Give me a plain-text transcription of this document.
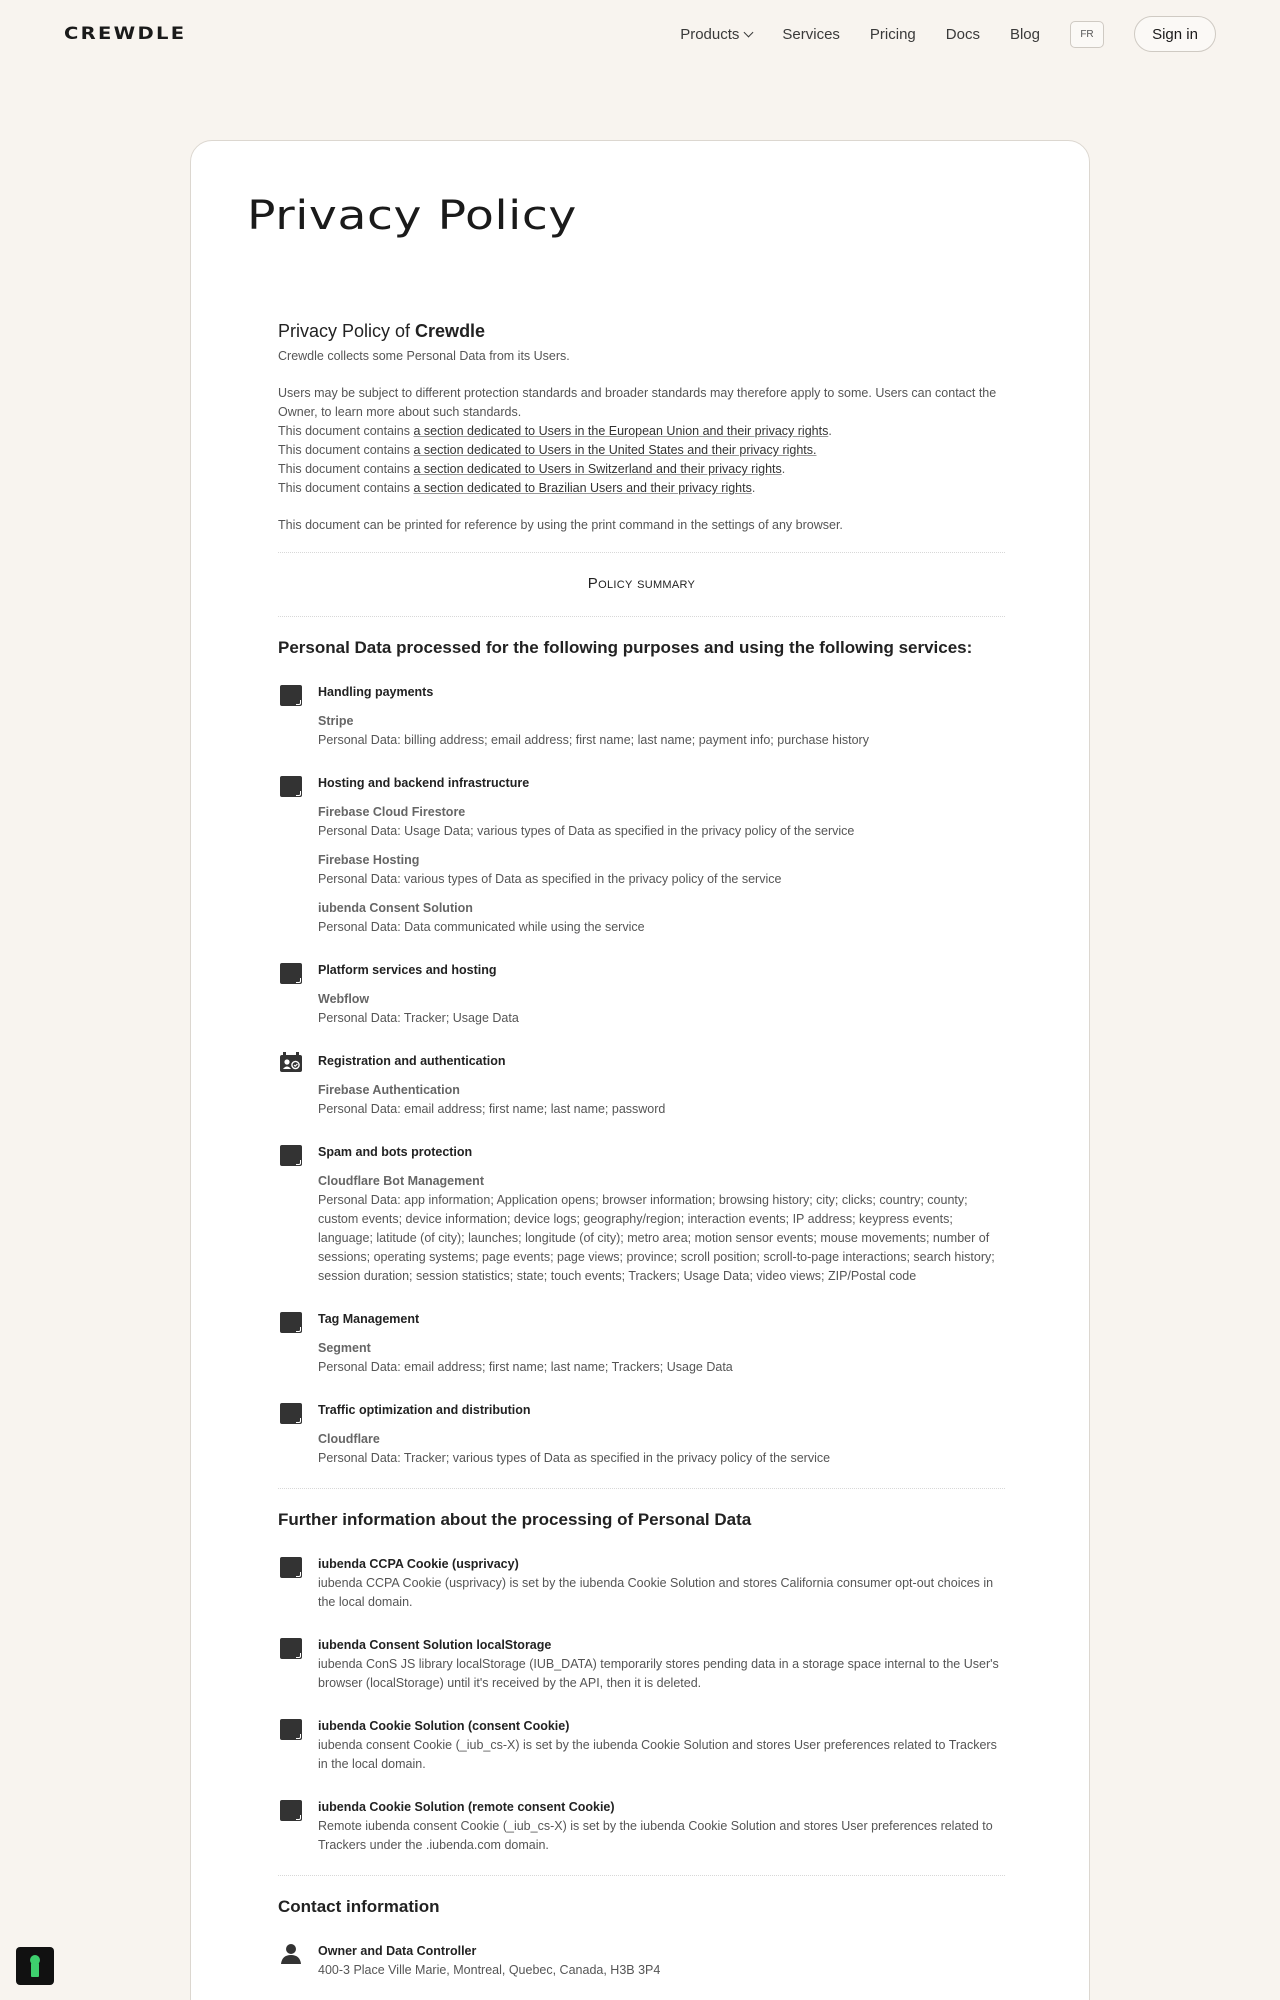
CREWDLE	Products	Services Pricing Docs Blog	FR	Sign in
Privacy Policy
Privacy Policy of Crewdle

Crewdle collects some Personal Data from its Users.

Users may be subject to different protection standards and broader standards may therefore apply to some. Users can contact the Owner, to learn more about such standards.

This document contains a section dedicated to Users in the European Union and their privacy rights.

This document contains a section dedicated to Users in the United States and their privacy rights.

This document contains a section dedicated to Users in Switzerland and their privacy rights.

This document contains a section dedicated to Brazilian Users and their privacy rights.

This document can be printed for reference by using the print command in the settings of any browser.

Policy summary
Personal Data processed for the following purposes and using the following services:
Handling payments
Stripe
Personal Data: billing address; email address; first name; last name; payment info; purchase history
Hosting and backend infrastructure
Firebase Cloud Firestore
Personal Data: Usage Data; various types of Data as specified in the privacy policy of the service
Firebase Hosting
Personal Data: various types of Data as specified in the privacy policy of the service
iubenda Consent Solution
Personal Data: Data communicated while using the service
Platform services and hosting
Webflow
Personal Data: Tracker; Usage Data
Registration and authentication
Firebase Authentication
Personal Data: email address; first name; last name; password
Spam and bots protection
Cloudflare Bot Management
Personal Data: app information; Application opens; browser information; browsing history; city; clicks; country; county; custom events; device information; device logs; geography/region; interaction events; IP address; keypress events; language; latitude (of city); launches; longitude (of city); metro area; motion sensor events; mouse movements; number of sessions; operating systems; page events; page views; province; scroll position; scroll-to-page interactions; search history; session duration; session statistics; state; touch events; Trackers; Usage Data; video views; ZIP/Postal code
Tag Management
Segment
Personal Data: email address; first name; last name; Trackers; Usage Data
Traffic optimization and distribution
Cloudflare
Personal Data: Tracker; various types of Data as specified in the privacy policy of the service
Further information about the processing of Personal Data
iubenda CCPA Cookie (usprivacy)
iubenda CCPA Cookie (usprivacy) is set by the iubenda Cookie Solution and stores California consumer opt-out choices in the local domain.
iubenda Consent Solution localStorage
iubenda ConS JS library localStorage (IUB_DATA) temporarily stores pending data in a storage space internal to the User's browser (localStorage) until it's received by the API, then it is deleted.
iubenda Cookie Solution (consent Cookie)
iubenda consent Cookie (_iub_cs-X) is set by the iubenda Cookie Solution and stores User preferences related to Trackers in the local domain.
iubenda Cookie Solution (remote consent Cookie)
Remote iubenda consent Cookie (_iub_cs-X) is set by the iubenda Cookie Solution and stores User preferences related to Trackers under the .iubenda.com domain.
Contact information
Owner and Data Controller
400-3 Place Ville Marie, Montreal, Quebec, Canada, H3B 3P4
